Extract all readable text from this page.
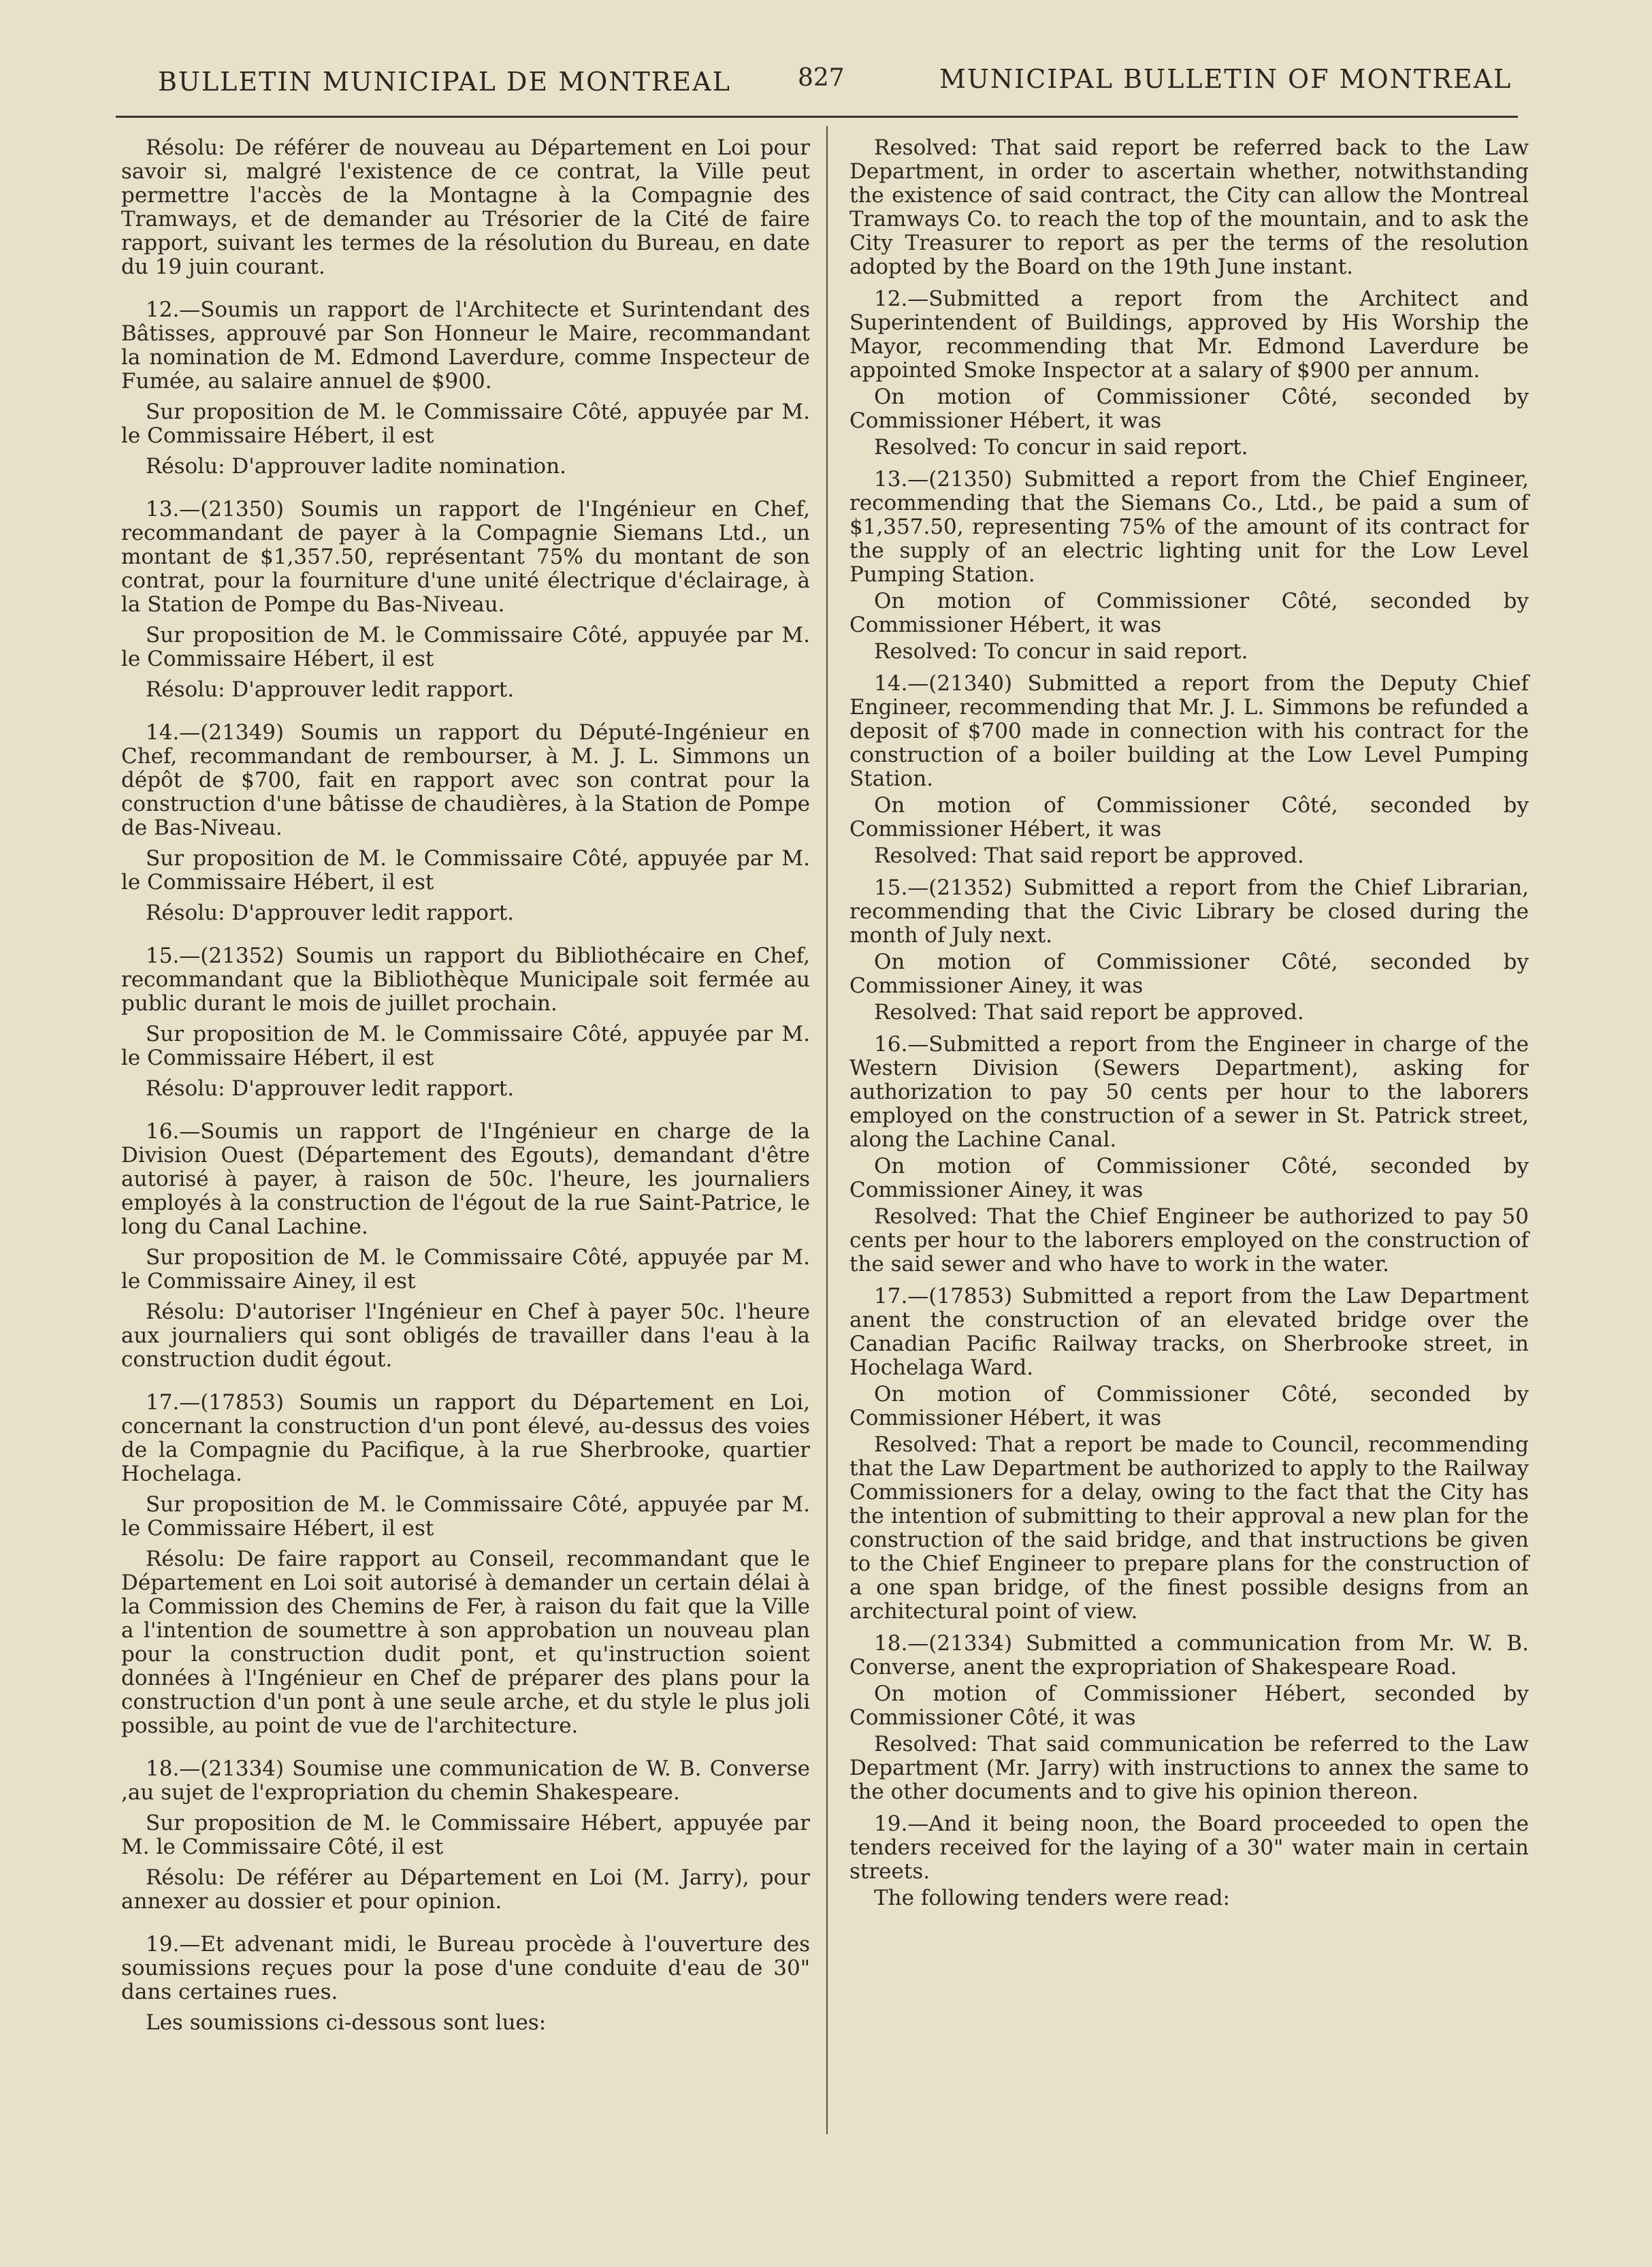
BULLETIN MUNICIPAL DE MONTREAL	827	MUNICIPAL BULLETIN OF MONTREAL

Résolu: De référer de nouveau au Département en Loi pour savoir si, malgré l'existence de ce contrat, la Ville peut permettre l'accès de la Montagne à la Compagnie des Tramways, et de demander au Trésorier de la Cité de faire rapport, suivant les termes de la résolution du Bureau, en date du 19 juin courant.

12.—Soumis un rapport de l'Architecte et Surintendant des Bâtisses, approuvé par Son Honneur le Maire, recommandant la nomination de M. Edmond Laverdure, comme Inspecteur de Fumée, au salaire annuel de $900.

Sur proposition de M. le Commissaire Côté, appuyée par M. le Commissaire Hébert, il est

Résolu: D'approuver ladite nomination.

13.—(21350) Soumis un rapport de l'Ingénieur en Chef, recommandant de payer à la Compagnie Siemans Ltd., un montant de $1,357.50, représentant 75% du montant de son contrat, pour la fourniture d'une unité électrique d'éclairage, à la Station de Pompe du Bas-Niveau.

Sur proposition de M. le Commissaire Côté, appuyée par M. le Commissaire Hébert, il est

Résolu: D'approuver ledit rapport.

14.—(21349) Soumis un rapport du Député-Ingénieur en Chef, recommandant de rembourser, à M. J. L. Simmons un dépôt de $700, fait en rapport avec son contrat pour la construction d'une bâtisse de chaudières, à la Station de Pompe de Bas-Niveau.

Sur proposition de M. le Commissaire Côté, appuyée par M. le Commissaire Hébert, il est

Résolu: D'approuver ledit rapport.

15.—(21352) Soumis un rapport du Bibliothécaire en Chef, recommandant que la Bibliothèque Municipale soit fermée au public durant le mois de juillet prochain.

Sur proposition de M. le Commissaire Côté, appuyée par M. le Commissaire Hébert, il est

Résolu: D'approuver ledit rapport.

16.—Soumis un rapport de l'Ingénieur en charge de la Division Ouest (Département des Egouts), demandant d'être autorisé à payer, à raison de 50c. l'heure, les journaliers employés à la construction de l'égout de la rue Saint-Patrice, le long du Canal Lachine.

Sur proposition de M. le Commissaire Côté, appuyée par M. le Commissaire Ainey, il est

Résolu: D'autoriser l'Ingénieur en Chef à payer 50c. l'heure aux journaliers qui sont obligés de travailler dans l'eau à la construction dudit égout.

17.—(17853) Soumis un rapport du Département en Loi, concernant la construction d'un pont élevé, au-dessus des voies de la Compagnie du Pacifique, à la rue Sherbrooke, quartier Hochelaga.

Sur proposition de M. le Commissaire Côté, appuyée par M. le Commissaire Hébert, il est

Résolu: De faire rapport au Conseil, recommandant que le Département en Loi soit autorisé à demander un certain délai à la Commission des Chemins de Fer, à raison du fait que la Ville a l'intention de soumettre à son approbation un nouveau plan pour la construction dudit pont, et qu'instruction soient données à l'Ingénieur en Chef de préparer des plans pour la construction d'un pont à une seule arche, et du style le plus joli possible, au point de vue de l'architecture.

18.—(21334) Soumise une communication de W. B. Converse ,au sujet de l'expropriation du chemin Shakespeare.

Sur proposition de M. le Commissaire Hébert, appuyée par M. le Commissaire Côté, il est

Résolu: De référer au Département en Loi (M. Jarry), pour annexer au dossier et pour opinion.

19.—Et advenant midi, le Bureau procède à l'ouverture des soumissions reçues pour la pose d'une conduite d'eau de 30" dans certaines rues.

Les soumissions ci-dessous sont lues:

Resolved: That said report be referred back to the Law Department, in order to ascertain whether, notwithstanding the existence of said contract, the City can allow the Montreal Tramways Co. to reach the top of the mountain, and to ask the City Treasurer to report as per the terms of the resolution adopted by the Board on the 19th June instant.

12.—Submitted a report from the Architect and Superintendent of Buildings, approved by His Worship the Mayor, recommending that Mr. Edmond Laverdure be appointed Smoke Inspector at a salary of $900 per annum.

On motion of Commissioner Côté, seconded by Commissioner Hébert, it was

Resolved: To concur in said report.

13.—(21350) Submitted a report from the Chief Engineer, recommending that the Siemans Co., Ltd., be paid a sum of $1,357.50, representing 75% of the amount of its contract for the supply of an electric lighting unit for the Low Level Pumping Station.

On motion of Commissioner Côté, seconded by Commissioner Hébert, it was

Resolved: To concur in said report.

14.—(21340) Submitted a report from the Deputy Chief Engineer, recommending that Mr. J. L. Simmons be refunded a deposit of $700 made in connection with his contract for the construction of a boiler building at the Low Level Pumping Station.

On motion of Commissioner Côté, seconded by Commissioner Hébert, it was

Resolved: That said report be approved.

15.—(21352) Submitted a report from the Chief Librarian, recommending that the Civic Library be closed during the month of July next.

On motion of Commissioner Côté, seconded by Commissioner Ainey, it was

Resolved: That said report be approved.

16.—Submitted a report from the Engineer in charge of the Western Division (Sewers Department), asking for authorization to pay 50 cents per hour to the laborers employed on the construction of a sewer in St. Patrick street, along the Lachine Canal.

On motion of Commissioner Côté, seconded by Commissioner Ainey, it was

Resolved: That the Chief Engineer be authorized to pay 50 cents per hour to the laborers employed on the construction of the said sewer and who have to work in the water.

17.—(17853) Submitted a report from the Law Department anent the construction of an elevated bridge over the Canadian Pacific Railway tracks, on Sherbrooke street, in Hochelaga Ward.

On motion of Commissioner Côté, seconded by Commissioner Hébert, it was

Resolved: That a report be made to Council, recommending that the Law Department be authorized to apply to the Railway Commissioners for a delay, owing to the fact that the City has the intention of submitting to their approval a new plan for the construction of the said bridge, and that instructions be given to the Chief Engineer to prepare plans for the construction of a one span bridge, of the finest possible designs from an architectural point of view.

18.—(21334) Submitted a communication from Mr. W. B. Converse, anent the expropriation of Shakespeare Road.

On motion of Commissioner Hébert, seconded by Commissioner Côté, it was

Resolved: That said communication be referred to the Law Department (Mr. Jarry) with instructions to annex the same to the other documents and to give his opinion thereon.

19.—And it being noon, the Board proceeded to open the tenders received for the laying of a 30" water main in certain streets.

The following tenders were read:
